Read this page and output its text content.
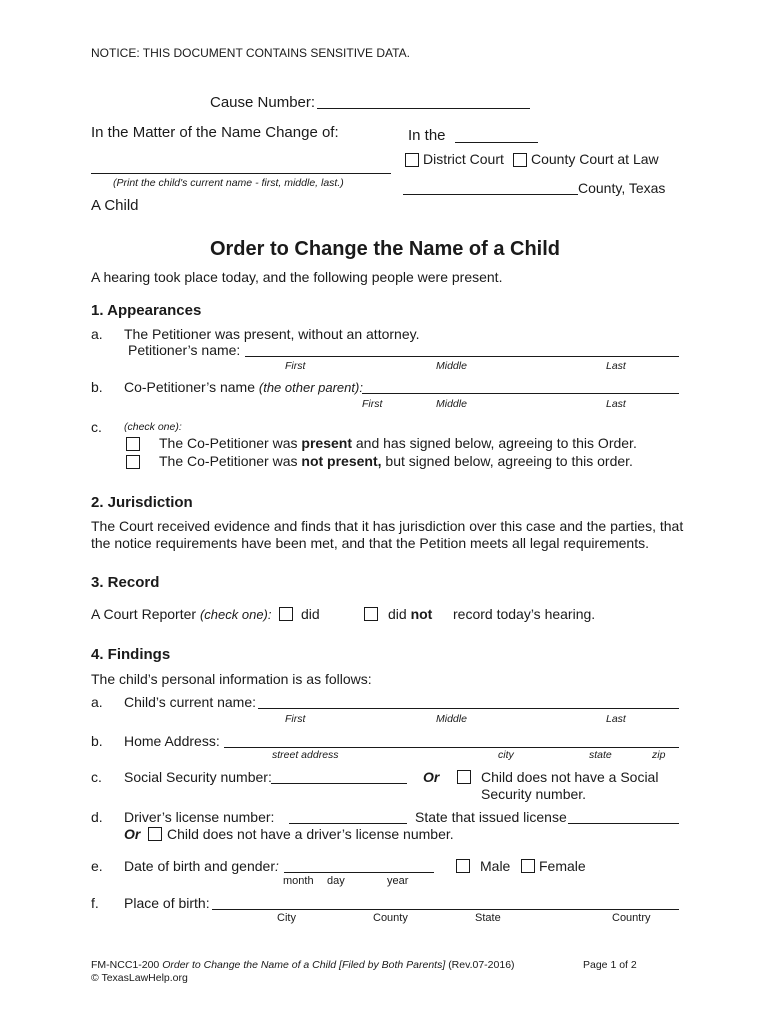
NOTICE: THIS DOCUMENT CONTAINS SENSITIVE DATA.
Cause Number:
In the Matter of the Name Change of:	In the
District Court County Court at Law
(Print the child's current name - first, middle, last.)	County, Texas
A Child
Order to Change the Name of a Child
A hearing took place today, and the following people were present.
1. Appearances
a. The Petitioner was present, without an attorney.
Petitioner’s name:
First	Middle	Last
b. Co-Petitioner’s name (the other parent):
First	Middle	Last
c. (check one):
The Co-Petitioner was present and has signed below, agreeing to this Order.
The Co-Petitioner was not present, but signed below, agreeing to this order.
2. Jurisdiction
The Court received evidence and finds that it has jurisdiction over this case and the parties, that
the notice requirements have been met, and that the Petition meets all legal requirements.
3. Record
A Court Reporter (check one): did	did not record today’s hearing.
4. Findings
The child’s personal information is as follows:
a. Child’s current name:
First	Middle	Last
b. Home Address:
street address	city	state	zip
c. Social Security number:	Or	Child does not have a Social
Security number.
d. Driver’s license number:	State that issued license
Or Child does not have a driver’s license number.
e. Date of birth and gender:
month day	year
Male Female
f. Place of birth:
City	County	State	Country
FM-NCC1-200 Order to Change the Name of a Child [Filed by Both Parents] (Rev.07-2016)
© TexasLawHelp.org
Page 1 of 2
